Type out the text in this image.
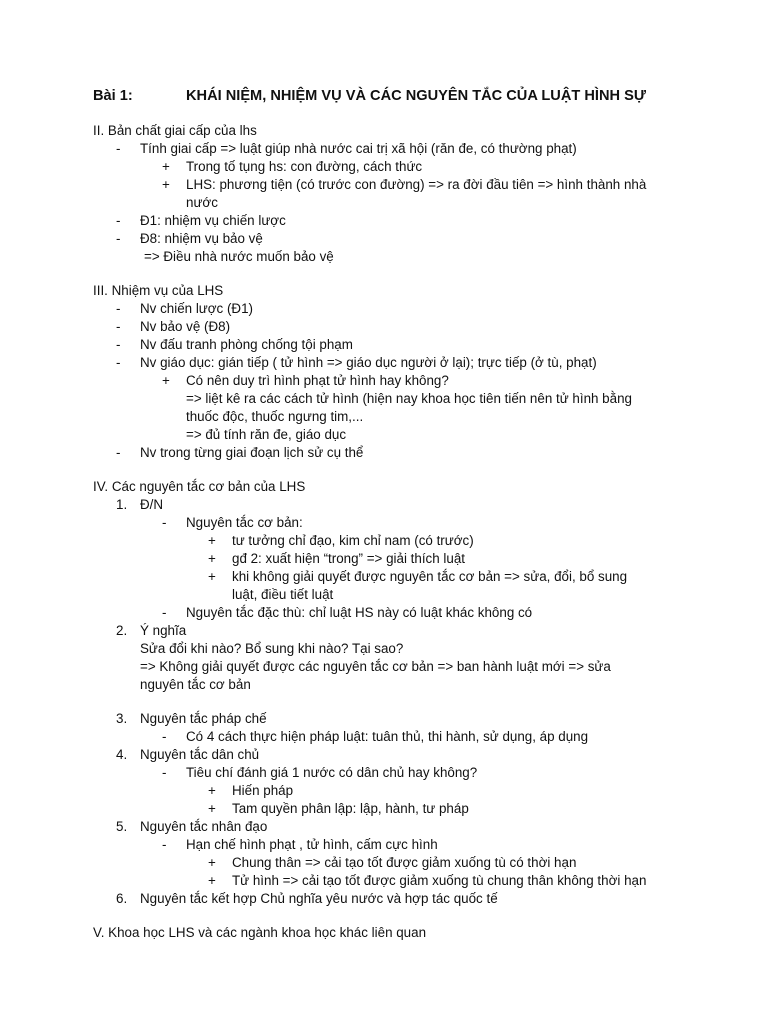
Bài 1:	KHÁI NIỆM, NHIỆM VỤ VÀ CÁC NGUYÊN TẮC CỦA LUẬT HÌNH SỰ
II. Bản chất giai cấp của lhs
- Tính giai cấp => luật giúp nhà nước cai trị xã hội (răn đe, có thường phạt)
+ Trong tố tụng hs: con đường, cách thức
+ LHS: phương tiện (có trước con đường) => ra đời đầu tiên => hình thành nhà
nước
- Đ1: nhiệm vụ chiến lược
- Đ8: nhiệm vụ bảo vệ
=> Điều nhà nước muốn bảo vệ
III. Nhiệm vụ của LHS
- Nv chiến lược (Đ1)
- Nv bảo vệ (Đ8)
- Nv đấu tranh phòng chống tội phạm
- Nv giáo dục: gián tiếp ( tử hình => giáo dục người ở lại); trực tiếp (ở tù, phạt)
+ Có nên duy trì hình phạt tử hình hay không?
=> liệt kê ra các cách tử hình (hiện nay khoa học tiên tiến nên tử hình bằng
thuốc độc, thuốc ngưng tim,...
=> đủ tính răn đe, giáo dục
- Nv trong từng giai đoạn lịch sử cụ thể
IV. Các nguyên tắc cơ bản của LHS
1. Đ/N
- Nguyên tắc cơ bản:
+ tư tưởng chỉ đạo, kim chỉ nam (có trước)
+ gđ 2: xuất hiện “trong” => giải thích luật
+ khi không giải quyết được nguyên tắc cơ bản => sửa, đổi, bổ sung
luật, điều tiết luật
- Nguyên tắc đặc thù: chỉ luật HS này có luật khác không có
2. Ý nghĩa
Sửa đổi khi nào? Bổ sung khi nào? Tại sao?
=> Không giải quyết được các nguyên tắc cơ bản => ban hành luật mới => sửa
nguyên tắc cơ bản
3. Nguyên tắc pháp chế
- Có 4 cách thực hiện pháp luật: tuân thủ, thi hành, sử dụng, áp dụng
4. Nguyên tắc dân chủ
- Tiêu chí đánh giá 1 nước có dân chủ hay không?
+ Hiến pháp
+ Tam quyền phân lập: lập, hành, tư pháp
5. Nguyên tắc nhân đạo
- Hạn chế hình phạt , tử hình, cấm cực hình
+ Chung thân => cải tạo tốt được giảm xuống tù có thời hạn
+ Tử hình => cải tạo tốt được giảm xuống tù chung thân không thời hạn
6. Nguyên tắc kết hợp Chủ nghĩa yêu nước và hợp tác quốc tế
V. Khoa học LHS và các ngành khoa học khác liên quan
